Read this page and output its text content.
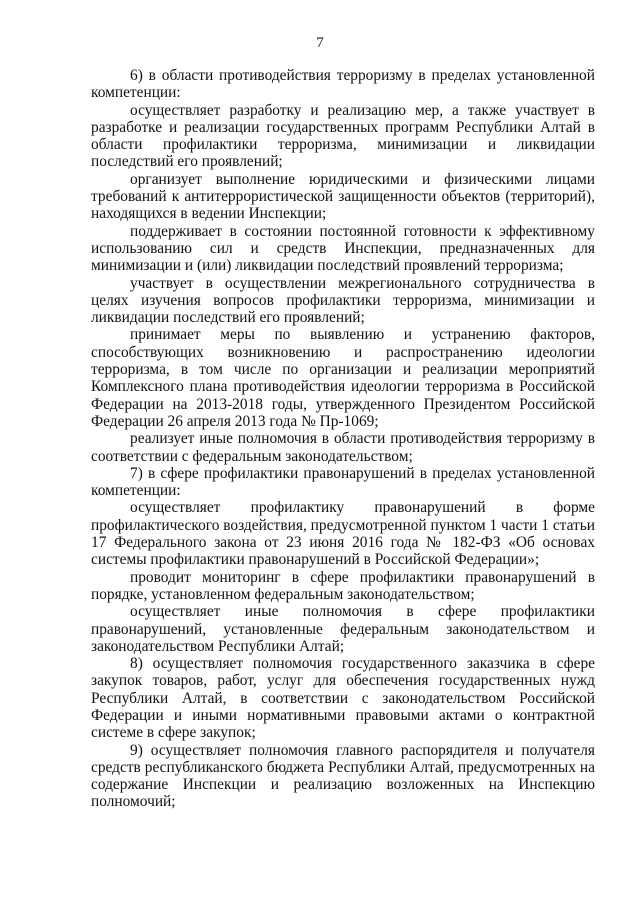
7

6) в области противодействия терроризму в пределах установленной компетенции:

осуществляет разработку и реализацию мер, а также участвует в разработке и реализации государственных программ Республики Алтай в области профилактики терроризма, минимизации и ликвидации последствий его проявлений;

организует выполнение юридическими и физическими лицами требований к антитеррористической защищенности объектов (территорий), находящихся в ведении Инспекции;

поддерживает в состоянии постоянной готовности к эффективному использованию сил и средств Инспекции, предназначенных для минимизации и (или) ликвидации последствий проявлений терроризма;

участвует в осуществлении межрегионального сотрудничества в целях изучения вопросов профилактики терроризма, минимизации и ликвидации последствий его проявлений;

принимает меры по выявлению и устранению факторов, способствующих возникновению и распространению идеологии терроризма, в том числе по организации и реализации мероприятий Комплексного плана противодействия идеологии терроризма в Российской Федерации на 2013-2018 годы, утвержденного Президентом Российской Федерации 26 апреля 2013 года № Пр-1069;

реализует иные полномочия в области противодействия терроризму в соответствии с федеральным законодательством;

7) в сфере профилактики правонарушений в пределах установленной компетенции:

осуществляет профилактику правонарушений в форме профилактического воздействия, предусмотренной пунктом 1 части 1 статьи 17 Федерального закона от 23 июня 2016 года № 182-ФЗ «Об основах системы профилактики правонарушений в Российской Федерации»;

проводит мониторинг в сфере профилактики правонарушений в порядке, установленном федеральным законодательством;

осуществляет иные полномочия в сфере профилактики правонарушений, установленные федеральным законодательством и законодательством Республики Алтай;

8) осуществляет полномочия государственного заказчика в сфере закупок товаров, работ, услуг для обеспечения государственных нужд Республики Алтай, в соответствии с законодательством Российской Федерации и иными нормативными правовыми актами о контрактной системе в сфере закупок;

9) осуществляет полномочия главного распорядителя и получателя средств республиканского бюджета Республики Алтай, предусмотренных на содержание Инспекции и реализацию возложенных на Инспекцию полномочий;
